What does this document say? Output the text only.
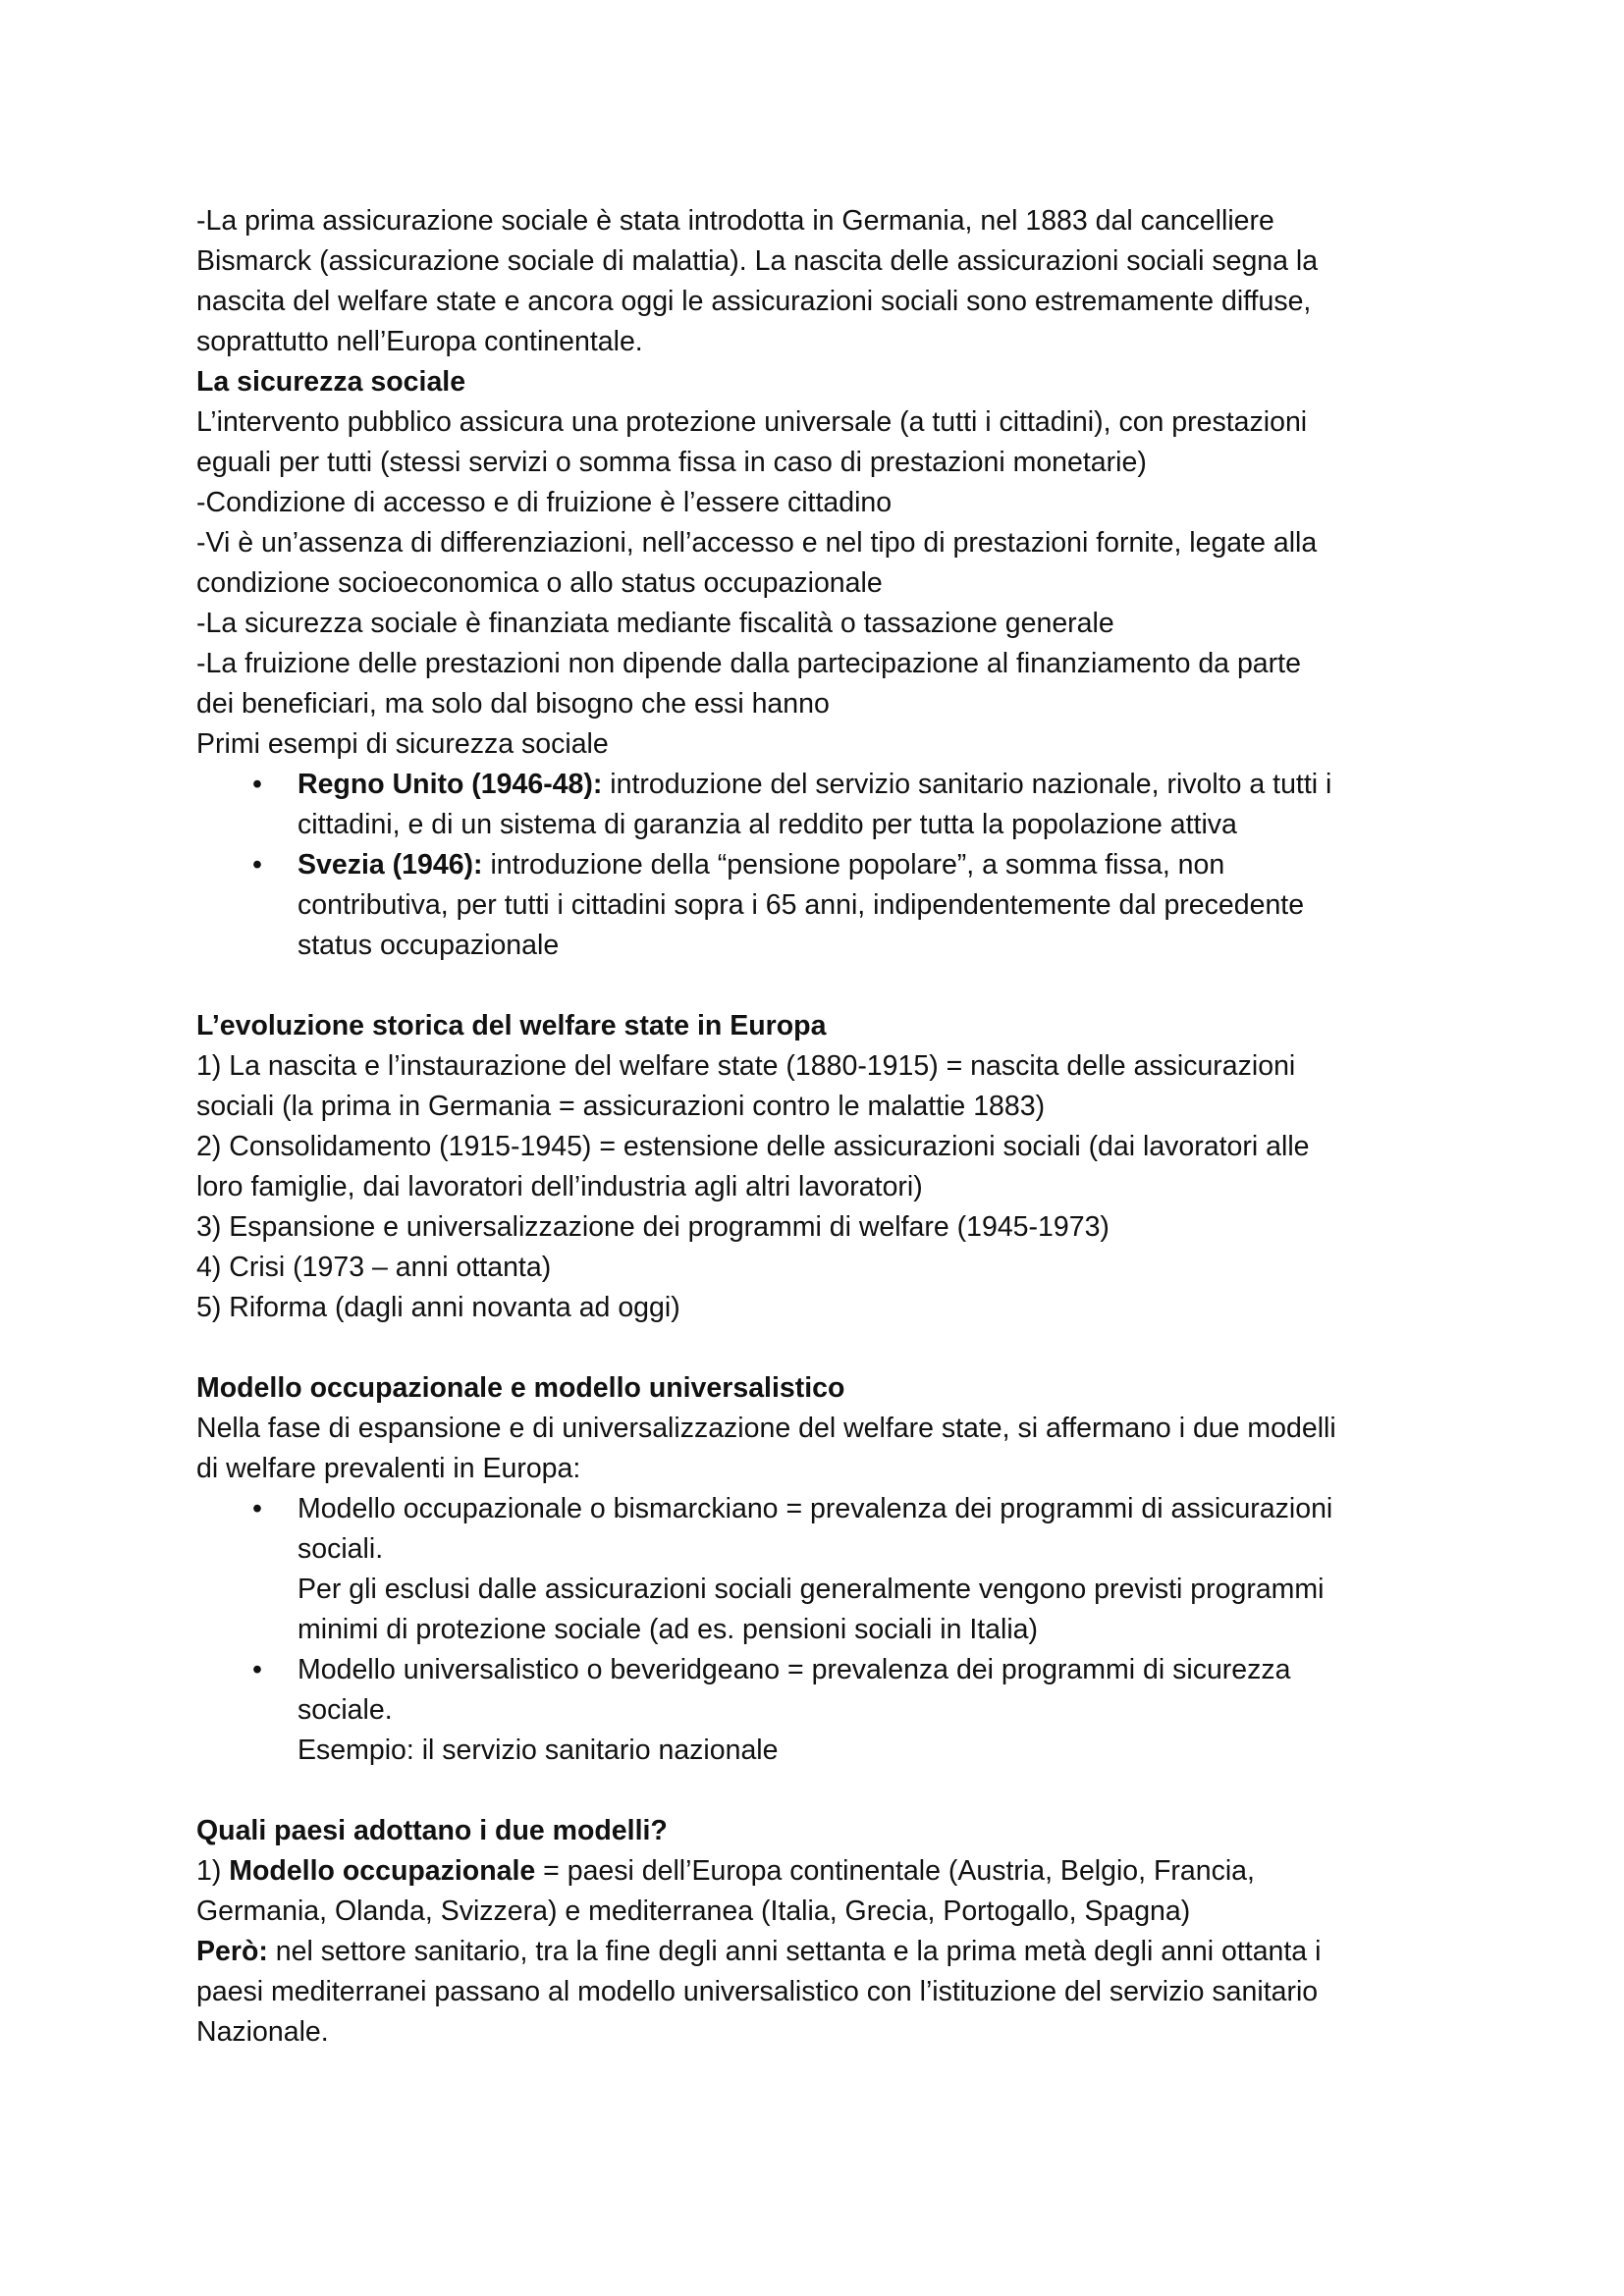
-La prima assicurazione sociale è stata introdotta in Germania, nel 1883 dal cancelliere
Bismarck (assicurazione sociale di malattia). La nascita delle assicurazioni sociali segna la
nascita del welfare state e ancora oggi le assicurazioni sociali sono estremamente diffuse,
soprattutto nell’Europa continentale.
La sicurezza sociale
L’intervento pubblico assicura una protezione universale (a tutti i cittadini), con prestazioni
eguali per tutti (stessi servizi o somma fissa in caso di prestazioni monetarie)
-Condizione di accesso e di fruizione è l’essere cittadino
-Vi è un’assenza di differenziazioni, nell’accesso e nel tipo di prestazioni fornite, legate alla
condizione socioeconomica o allo status occupazionale
-La sicurezza sociale è finanziata mediante fiscalità o tassazione generale
-La fruizione delle prestazioni non dipende dalla partecipazione al finanziamento da parte
dei beneficiari, ma solo dal bisogno che essi hanno
Primi esempi di sicurezza sociale
• Regno Unito (1946-48): introduzione del servizio sanitario nazionale, rivolto a tutti i
cittadini, e di un sistema di garanzia al reddito per tutta la popolazione attiva
• Svezia (1946): introduzione della “pensione popolare”, a somma fissa, non
contributiva, per tutti i cittadini sopra i 65 anni, indipendentemente dal precedente
status occupazionale
L’evoluzione storica del welfare state in Europa
1) La nascita e l’instaurazione del welfare state (1880-1915) = nascita delle assicurazioni
sociali (la prima in Germania = assicurazioni contro le malattie 1883)
2) Consolidamento (1915-1945) = estensione delle assicurazioni sociali (dai lavoratori alle
loro famiglie, dai lavoratori dell’industria agli altri lavoratori)
3) Espansione e universalizzazione dei programmi di welfare (1945-1973)
4) Crisi (1973 – anni ottanta)
5) Riforma (dagli anni novanta ad oggi)
Modello occupazionale e modello universalistico
Nella fase di espansione e di universalizzazione del welfare state, si affermano i due modelli
di welfare prevalenti in Europa:
• Modello occupazionale o bismarckiano = prevalenza dei programmi di assicurazioni
sociali.
Per gli esclusi dalle assicurazioni sociali generalmente vengono previsti programmi
minimi di protezione sociale (ad es. pensioni sociali in Italia)
• Modello universalistico o beveridgeano = prevalenza dei programmi di sicurezza
sociale.
Esempio: il servizio sanitario nazionale
Quali paesi adottano i due modelli?
1) Modello occupazionale = paesi dell’Europa continentale (Austria, Belgio, Francia,
Germania, Olanda, Svizzera) e mediterranea (Italia, Grecia, Portogallo, Spagna)
Però: nel settore sanitario, tra la fine degli anni settanta e la prima metà degli anni ottanta i
paesi mediterranei passano al modello universalistico con l’istituzione del servizio sanitario
Nazionale.
